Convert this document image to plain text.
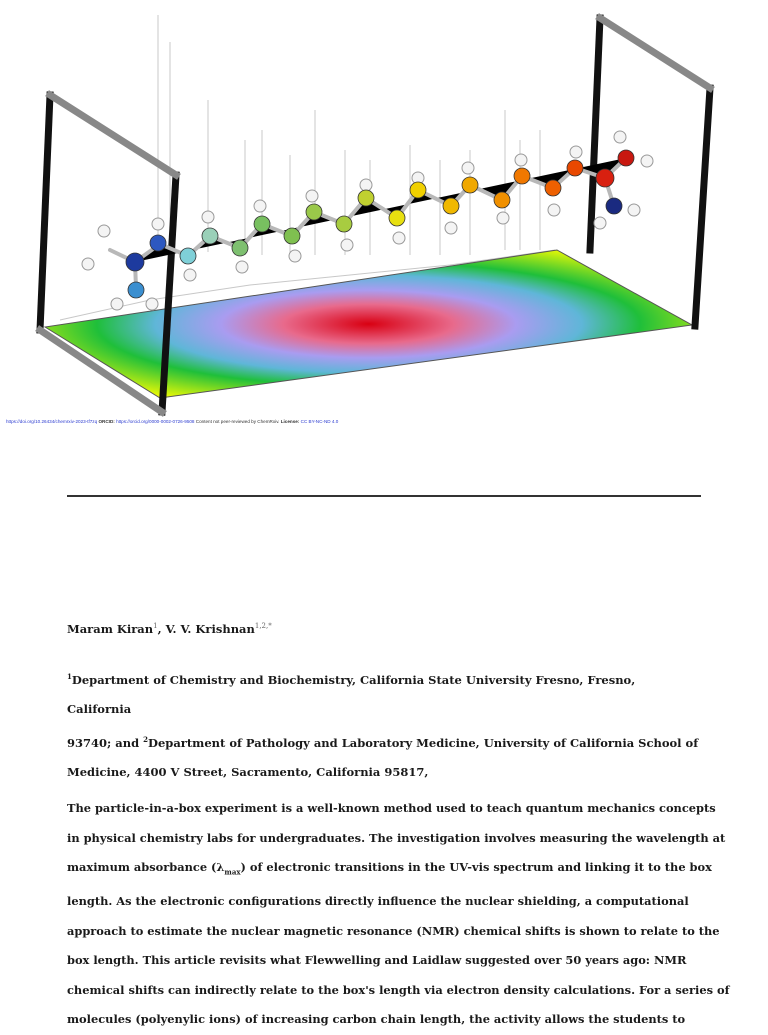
https://doi.org/10.26434/chemrxiv-2023-tf7zq ORCID: https://orcid.org/0000-0002-0726-9508 Content not peer-reviewed by ChemRxiv. License: CC BY-NC-ND 4.0
Maram Kiran$^1$, V. V. Krishnan$^{1,2,*}$
$^1$Department of Chemistry and Biochemistry, California State University Fresno, Fresno, California
93740; and $^2$Department of Pathology and Laboratory Medicine, University of California School of
Medicine, 4400 V Street, Sacramento, California 95817,
The particle-in-a-box experiment is a well-known method used to teach quantum mechanics concepts
in physical chemistry labs for undergraduates. The investigation involves measuring the wavelength at
maximum absorbance $(\lambda_{max})$ of electronic transitions in the UV-vis spectrum and linking it to the box
length. As the electronic configurations directly influence the nuclear shielding, a computational
approach to estimate the nuclear magnetic resonance (NMR) chemical shifts is shown to relate to the
box length. This article revisits what Flewwelling and Laidlaw suggested over 50 years ago: NMR
chemical shifts can indirectly relate to the box's length via electron density calculations. For a series of
molecules (polyenylic ions) of increasing carbon chain length, the activity allows the students to
